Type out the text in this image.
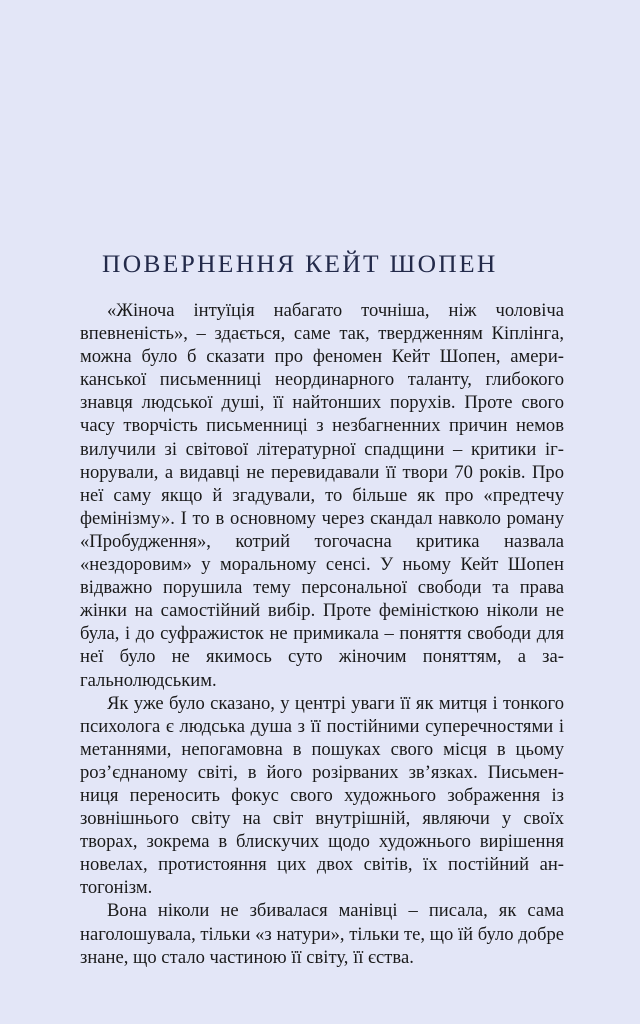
ПОВЕРНЕННЯ КЕЙТ ШОПЕН

«Жіноча інтуїція набагато точніша, ніж чоловіча впевненість», – здається, саме так, твердженням Кіплінга, можна було б сказати про феномен Кейт Шопен, американської письменниці неординарного таланту, глибокого знавця людської душі, її найтонших порухів. Проте свого часу творчість письменниці з незбагненних причин немов вилучили зі світової літературної спадщини – критики ігнорували, а видавці не перевидавали її твори 70 років. Про неї саму якщо й згадували, то більше як про «предтечу фемінізму». І то в основному через скандал навколо роману «Пробудження», котрий тогочасна критика назвала «нездоровим» у моральному сенсі. У ньому Кейт Шопен відважно порушила тему персональної свободи та права жінки на самостійний вибір. Проте феміністкою ніколи не була, і до суфражисток не примикала – поняття свободи для неї було не якимось суто жіночим поняттям, а загальнолюдським.

Як уже було сказано, у центрі уваги її як митця і тонкого психолога є людська душа з її постійними суперечностями і метаннями, непогамовна в пошуках свого місця в цьому роз’єднаному світі, в його розірваних зв’язках. Письменниця переносить фокус свого художнього зображення із зовнішнього світу на світ внутрішній, являючи у своїх творах, зокрема в блискучих щодо художнього вирішення новелах, протистояння цих двох світів, їх постійний антогонізм.

Вона ніколи не збивалася манівці – писала, як сама наголошувала, тільки «з натури», тільки те, що їй було добре знане, що стало частиною її світу, її єства.
